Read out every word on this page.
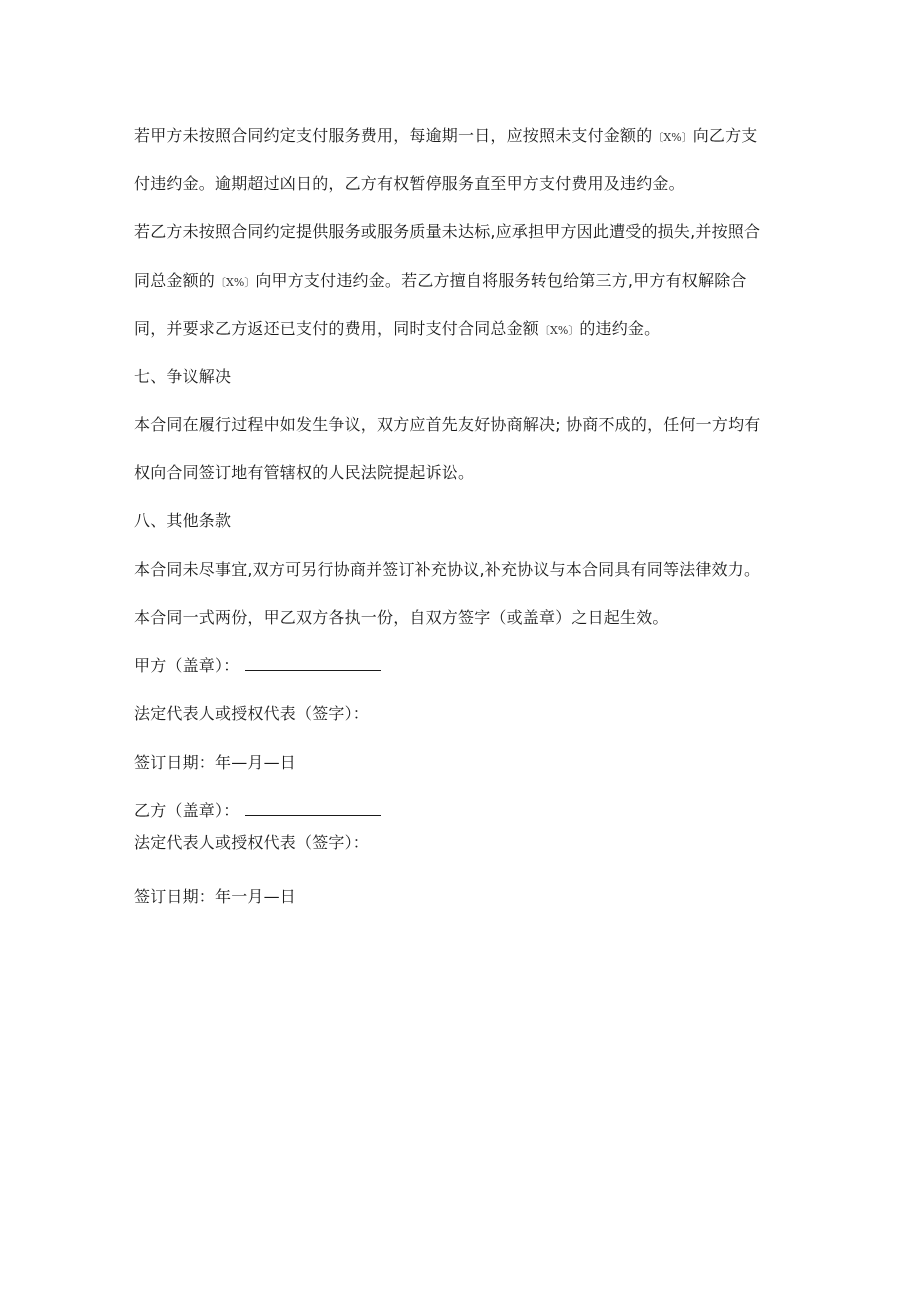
若甲方未按照合同约定支付服务费用，每逾期一日，应按照未支付金额的〔X%〕向乙方支
付违约金。逾期超过凶日的，乙方有权暂停服务直至甲方支付费用及违约金。
若乙方未按照合同约定提供服务或服务质量未达标,应承担甲方因此遭受的损失,并按照合
同总金额的〔X%〕向甲方支付违约金。若乙方擅自将服务转包给第三方,甲方有权解除合
同，并要求乙方返还已支付的费用，同时支付合同总金额〔X%〕的违约金。
七、争议解决
本合同在履行过程中如发生争议，双方应首先友好协商解决; 协商不成的，任何一方均有
权向合同签订地有管辖权的人民法院提起诉讼。
八、其他条款
本合同未尽事宜,双方可另行协商并签订补充协议,补充协议与本合同具有同等法律效力。
本合同一式两份，甲乙双方各执一份，自双方签字（或盖章）之日起生效。
甲方（盖章）：
法定代表人或授权代表（签字）：
签订日期：年—月—日
乙方（盖章）：
法定代表人或授权代表（签字）：
签订日期：年一月—日
